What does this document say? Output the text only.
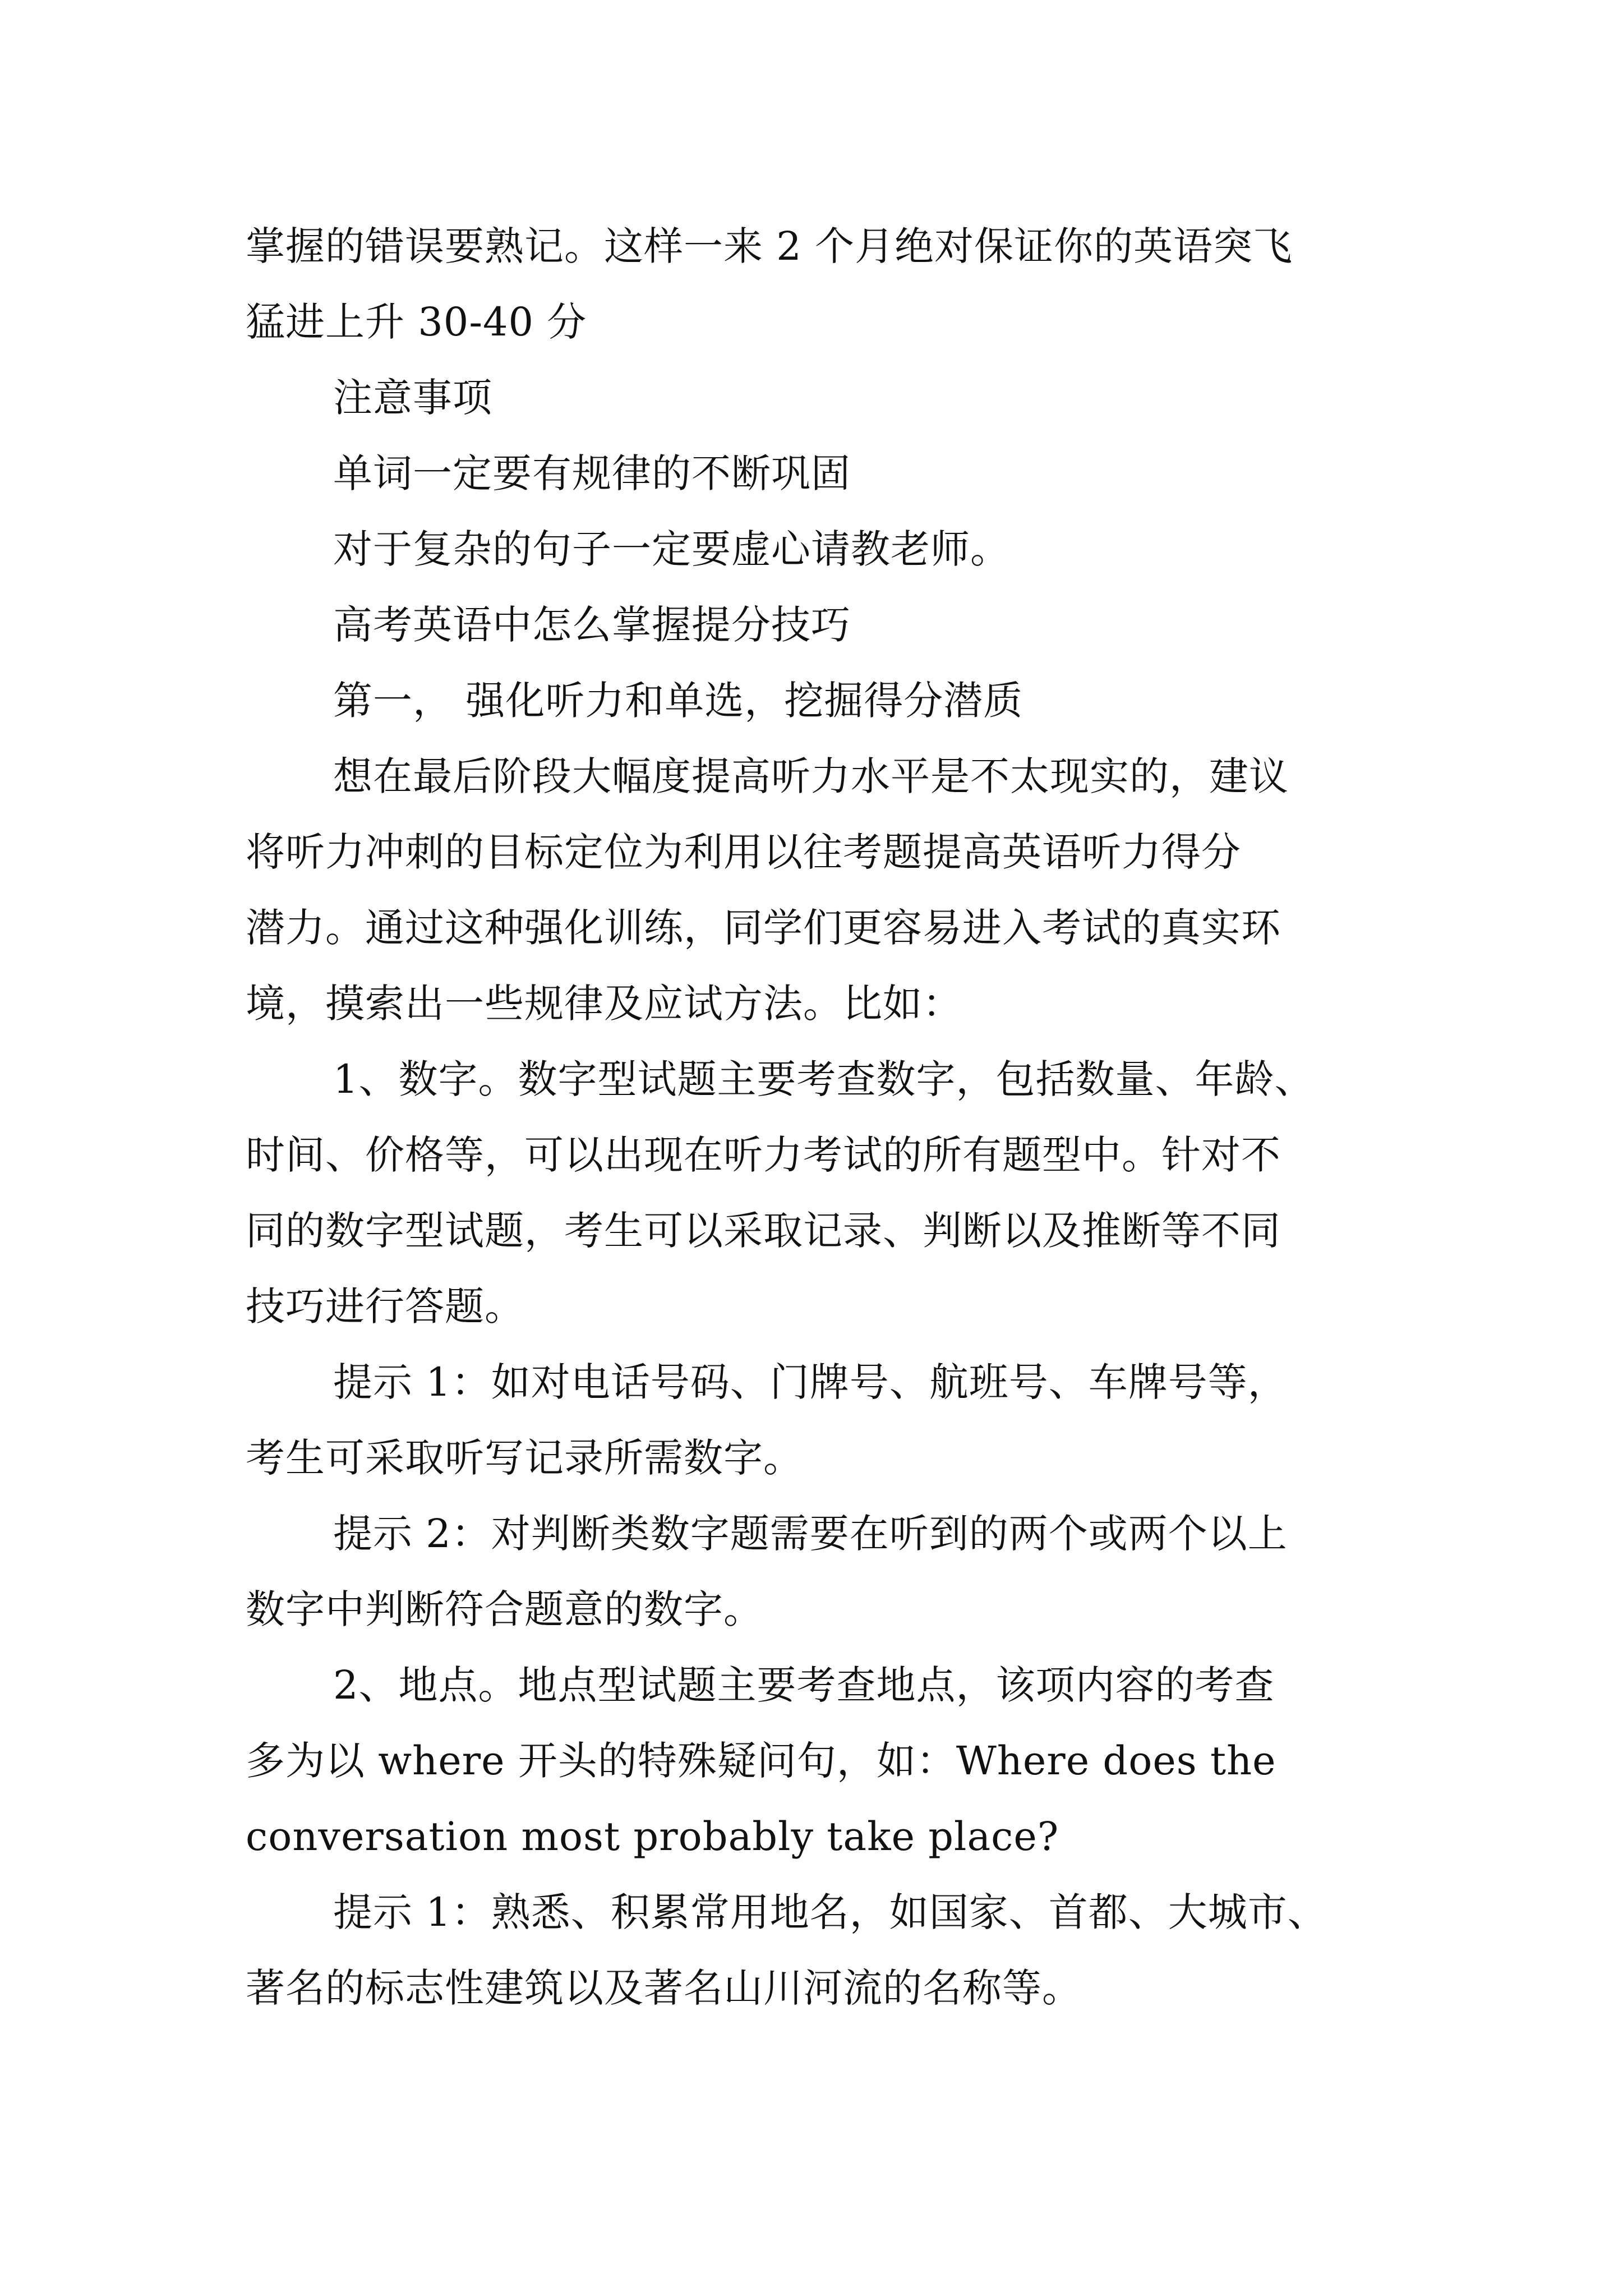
掌握的错误要熟记。这样一来 2 个月绝对保证你的英语突飞
猛进上升 30-40 分
注意事项
单词一定要有规律的不断巩固
对于复杂的句子一定要虚心请教老师。
高考英语中怎么掌握提分技巧
第一， 强化听力和单选，挖掘得分潜质
想在最后阶段大幅度提高听力水平是不太现实的，建议
将听力冲刺的目标定位为利用以往考题提高英语听力得分
潜力。通过这种强化训练，同学们更容易进入考试的真实环
境，摸索出一些规律及应试方法。比如：
1、数字。数字型试题主要考查数字，包括数量、年龄、
时间、价格等，可以出现在听力考试的所有题型中。针对不
同的数字型试题，考生可以采取记录、判断以及推断等不同
技巧进行答题。
提示 1：如对电话号码、门牌号、航班号、车牌号等，
考生可采取听写记录所需数字。
提示 2：对判断类数字题需要在听到的两个或两个以上
数字中判断符合题意的数字。
2、地点。地点型试题主要考查地点，该项内容的考查
多为以 where 开头的特殊疑问句，如：Where does the
conversation most probably take place?
提示 1：熟悉、积累常用地名，如国家、首都、大城市、
著名的标志性建筑以及著名山川河流的名称等。
